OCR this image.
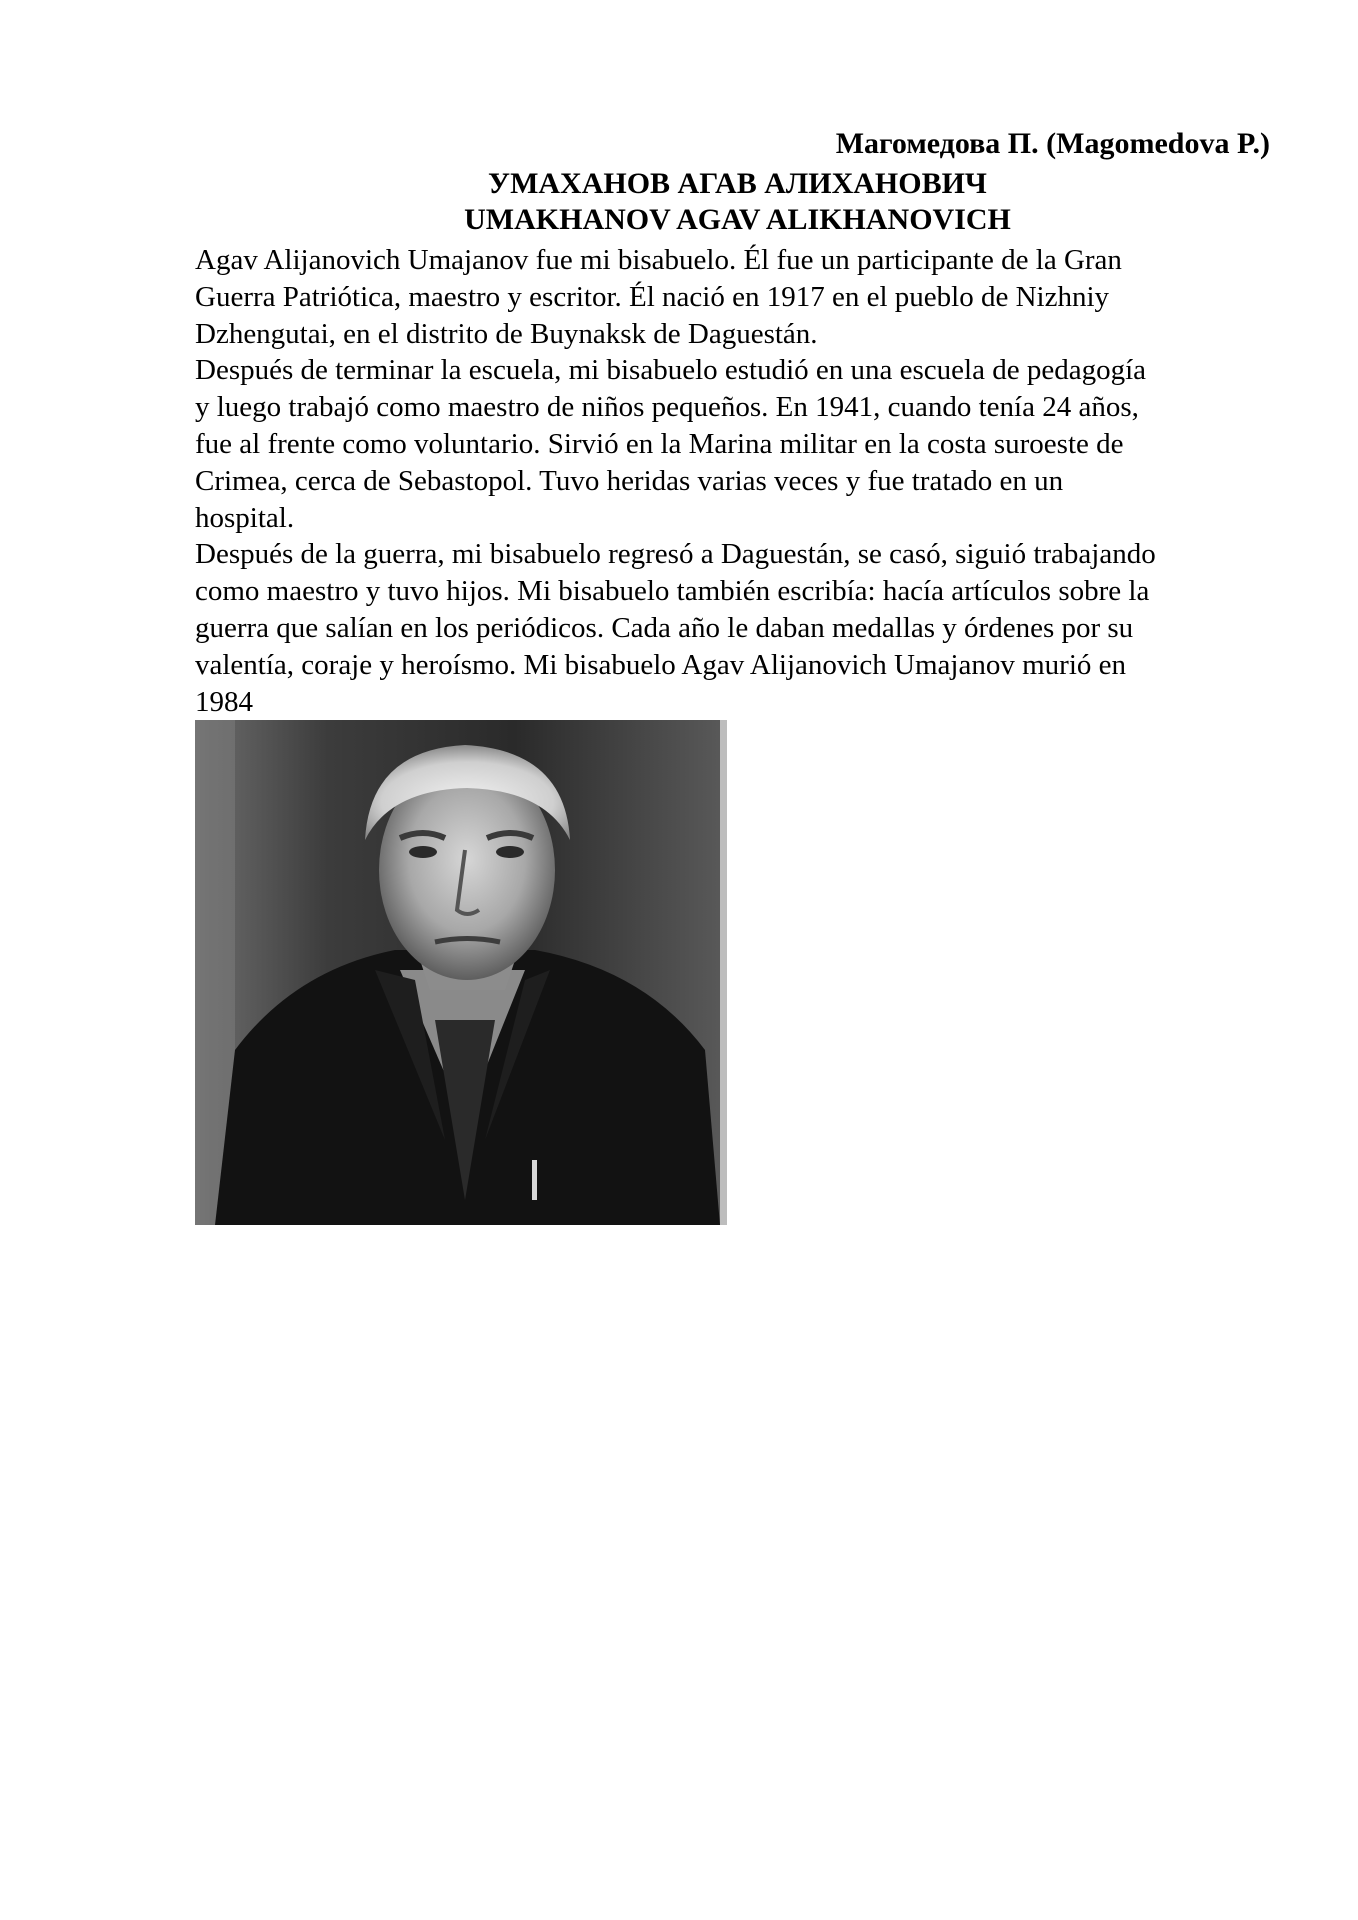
Магомедова П. (Magomedova P.)
УМАХАНОВ АГАВ АЛИХАНОВИЧ
UMAKHANOV AGAV ALIKHANOVICH
Agav Alijanovich Umajanov fue mi bisabuelo. Él fue un participante de la Gran
Guerra Patriótica, maestro y escritor. Él nació en 1917 en el pueblo de Nizhniy
Dzhengutai, en el distrito de Buynaksk de Daguestán.
Después de terminar la escuela, mi bisabuelo estudió en una escuela de pedagogía
y luego trabajó como maestro de niños pequeños. En 1941, cuando tenía 24 años,
fue al frente como voluntario. Sirvió en la Marina militar en la costa suroeste de
Crimea, cerca de Sebastopol. Tuvo heridas varias veces y fue tratado en un
hospital.
Después de la guerra, mi bisabuelo regresó a Daguestán, se casó, siguió trabajando
como maestro y tuvo hijos. Mi bisabuelo también escribía: hacía artículos sobre la
guerra que salían en los periódicos. Cada año le daban medallas y órdenes por su
valentía, coraje y heroísmo. Mi bisabuelo Agav Alijanovich Umajanov murió en
1984
